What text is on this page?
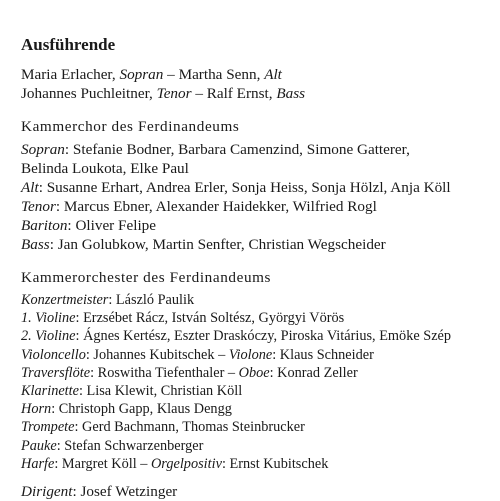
Ausführende
Maria Erlacher, Sopran – Martha Senn, Alt
Johannes Puchleitner, Tenor – Ralf Ernst, Bass
Kammerchor des Ferdinandeums
Sopran: Stefanie Bodner, Barbara Camenzind, Simone Gatterer,
Belinda Loukota, Elke Paul
Alt: Susanne Erhart, Andrea Erler, Sonja Heiss, Sonja Hölzl, Anja Köll
Tenor: Marcus Ebner, Alexander Haidekker, Wilfried Rogl
Bariton: Oliver Felipe
Bass: Jan Golubkow, Martin Senfter, Christian Wegscheider
Kammerorchester des Ferdinandeums
Konzertmeister: László Paulik
1. Violine: Erzsébet Rácz, István Soltész, Györgyi Vörös
2. Violine: Ágnes Kertész, Eszter Draskóczy, Piroska Vitárius, Emöke Szép
Violoncello: Johannes Kubitschek – Violone: Klaus Schneider
Traversflöte: Roswitha Tiefenthaler – Oboe: Konrad Zeller
Klarinette: Lisa Klewit, Christian Köll
Horn: Christoph Gapp, Klaus Dengg
Trompete: Gerd Bachmann, Thomas Steinbrucker
Pauke: Stefan Schwarzenberger
Harfe: Margret Köll – Orgelpositiv: Ernst Kubitschek
Dirigent: Josef Wetzinger
